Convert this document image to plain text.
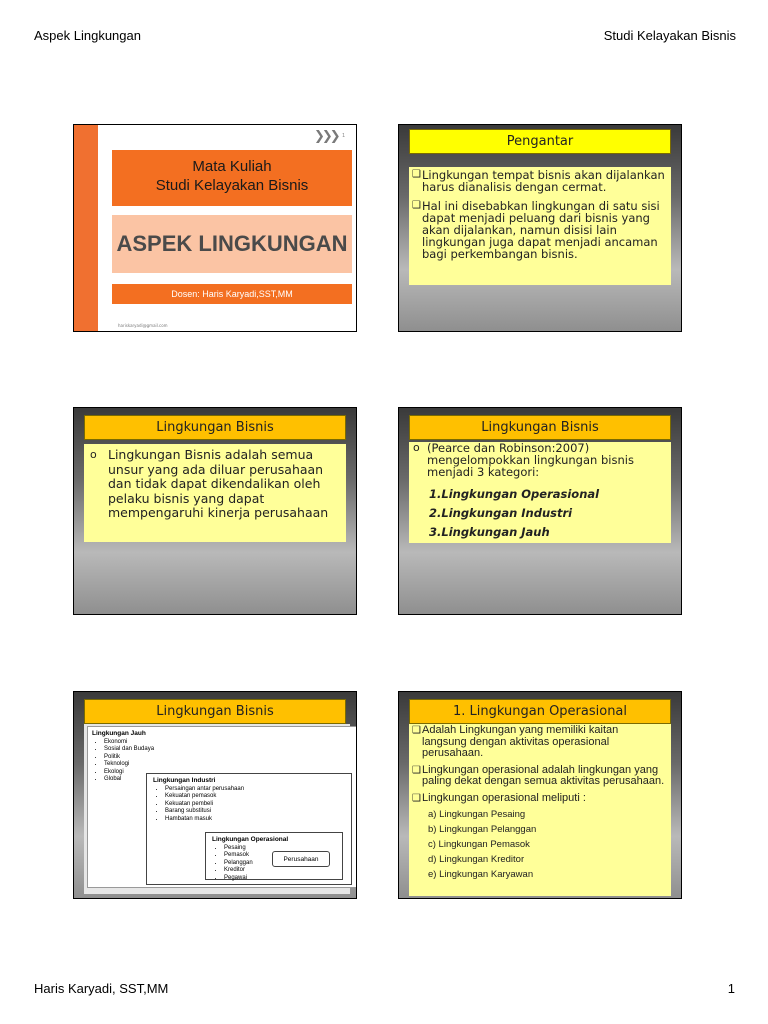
Aspek Lingkungan	Studi Kelayakan Bisnis
❯❯❯ 1
Mata Kuliah
Studi Kelayakan Bisnis
ASPEK LINGKUNGAN
Dosen: Haris Karyadi,SST,MM
hariskaryadi@gmail.com
Pengantar
❑ Lingkungan tempat bisnis akan dijalankan harus dianalisis dengan cermat.
❑ Hal ini disebabkan lingkungan di satu sisi dapat menjadi peluang dari bisnis yang akan dijalankan, namun disisi lain lingkungan juga dapat menjadi ancaman bagi perkembangan bisnis.
Lingkungan Bisnis
o Lingkungan Bisnis adalah semua unsur yang ada diluar perusahaan dan tidak dapat dikendalikan oleh pelaku bisnis yang dapat mempengaruhi kinerja perusahaan
Lingkungan Bisnis
o (Pearce dan Robinson:2007) mengelompokkan lingkungan bisnis menjadi 3 kategori:
1.Lingkungan Operasional
2.Lingkungan Industri
3.Lingkungan Jauh
Lingkungan Bisnis
Lingkungan Jauh
• Ekonomi
• Sosial dan Budaya
• Politik
• Teknologi
• Ekologi
• Global	Lingkungan Industri
• Persaingan antar perusahaan
• Kekuatan pemasok
• Kekuatan pembeli
• Barang substitusi
• Hambatan masuk
Lingkungan Operasional
• Pesaing
• Pemasok
• Pelanggan
• Kreditor
• Pegawai
Perusahaan
1. Lingkungan Operasional
❑ Adalah Lingkungan yang memiliki kaitan langsung dengan aktivitas operasional perusahaan.
❑ Lingkungan operasional adalah lingkungan yang paling dekat dengan semua aktivitas perusahaan.
❑ Lingkungan operasional meliputi :
a) Lingkungan Pesaing
b) Lingkungan Pelanggan
c) Lingkungan Pemasok
d) Lingkungan Kreditor
e) Lingkungan Karyawan
Haris Karyadi, SST,MM	1
